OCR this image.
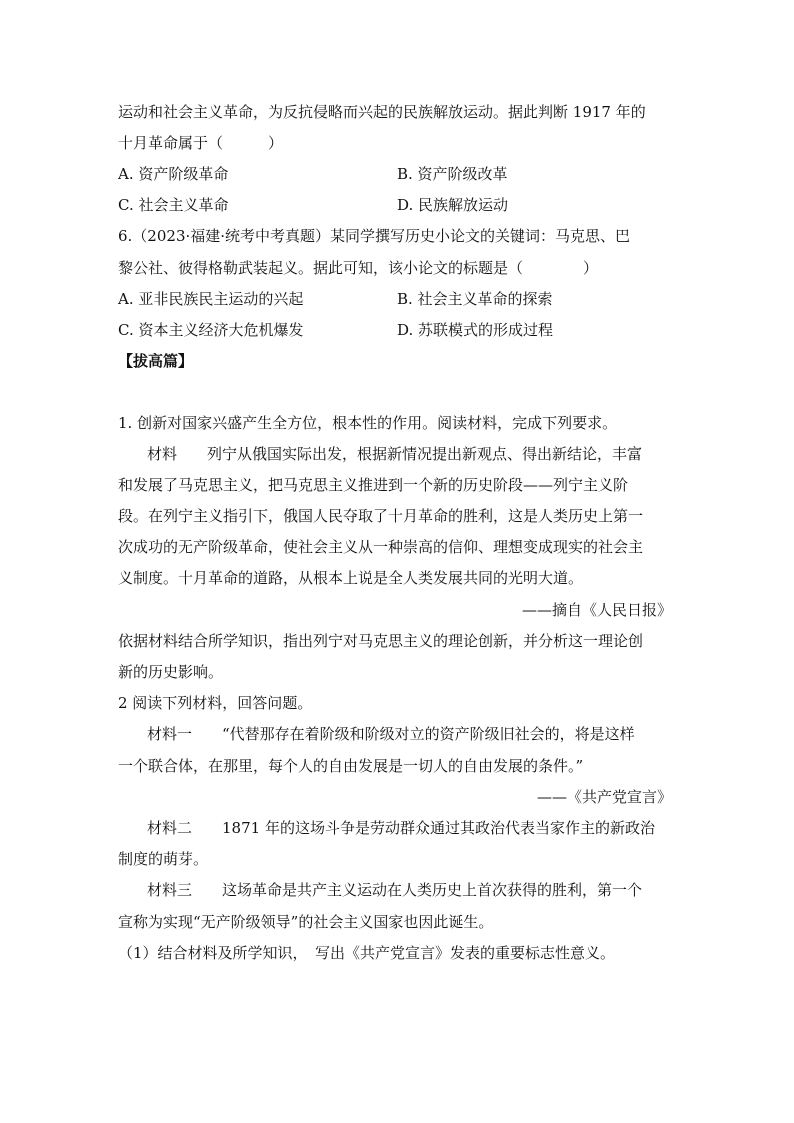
运动和社会主义革命，为反抗侵略而兴起的民族解放运动。据此判断 1917 年的
十月革命属于（　　　）
A. 资产阶级革命	B. 资产阶级改革
C. 社会主义革命	D. 民族解放运动
6.（2023·福建·统考中考真题）某同学撰写历史小论文的关键词：马克思、巴
黎公社、彼得格勒武装起义。据此可知，该小论文的标题是（　　　　）
A. 亚非民族民主运动的兴起	B. 社会主义革命的探索
C. 资本主义经济大危机爆发	D. 苏联模式的形成过程
【拔高篇】
1. 创新对国家兴盛产生全方位，根本性的作用。阅读材料，完成下列要求。
材料　　列宁从俄国实际出发，根据新情况提出新观点、得出新结论，丰富
和发展了马克思主义，把马克思主义推进到一个新的历史阶段——列宁主义阶
段。在列宁主义指引下，俄国人民夺取了十月革命的胜利，这是人类历史上第一
次成功的无产阶级革命，使社会主义从一种崇高的信仰、理想变成现实的社会主
义制度。十月革命的道路，从根本上说是全人类发展共同的光明大道。
——摘自《人民日报》
依据材料结合所学知识，指出列宁对马克思主义的理论创新，并分析这一理论创
新的历史影响。
2 阅读下列材料，回答问题。
材料一　　“代替那存在着阶级和阶级对立的资产阶级旧社会的，将是这样
一个联合体，在那里，每个人的自由发展是一切人的自由发展的条件。”
——《共产党宣言》
材料二　　1871 年的这场斗争是劳动群众通过其政治代表当家作主的新政治
制度的萌芽。
材料三　　这场革命是共产主义运动在人类历史上首次获得的胜利，第一个
宣称为实现“无产阶级领导”的社会主义国家也因此诞生。
（1）结合材料及所学知识，　写出《共产党宣言》发表的重要标志性意义。
